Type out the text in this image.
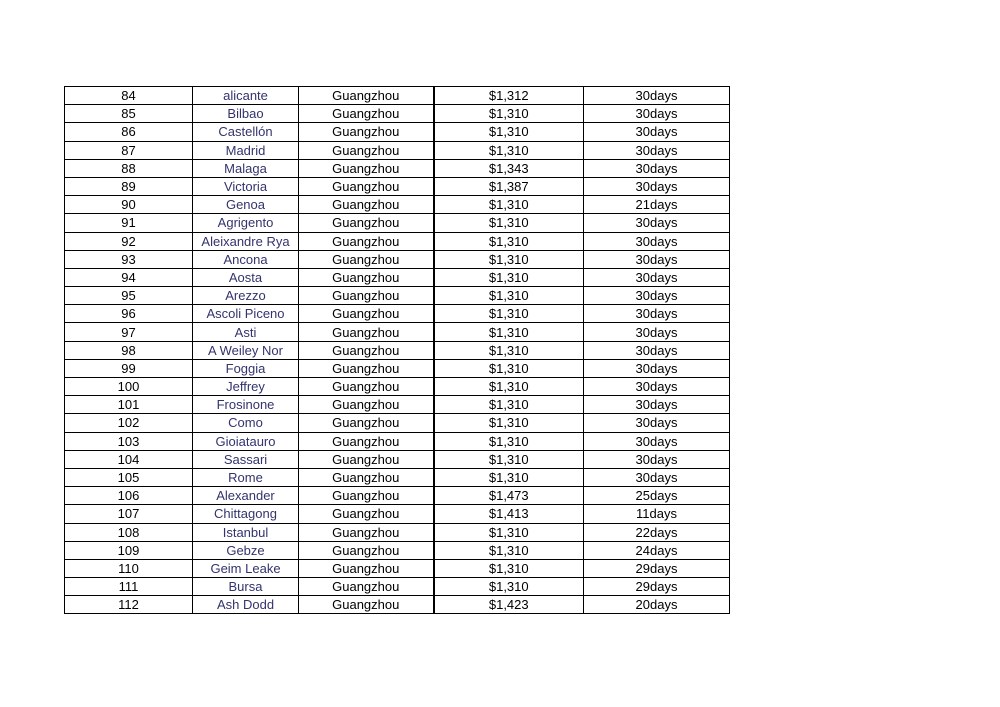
84	alicante	Guangzhou	$1,312	30days
85	Bilbao	Guangzhou	$1,310	30days
86	Castellón	Guangzhou	$1,310	30days
87	Madrid	Guangzhou	$1,310	30days
88	Malaga	Guangzhou	$1,343	30days
89	Victoria	Guangzhou	$1,387	30days
90	Genoa	Guangzhou	$1,310	21days
91	Agrigento	Guangzhou	$1,310	30days
92	Aleixandre Rya	Guangzhou	$1,310	30days
93	Ancona	Guangzhou	$1,310	30days
94	Aosta	Guangzhou	$1,310	30days
95	Arezzo	Guangzhou	$1,310	30days
96	Ascoli Piceno	Guangzhou	$1,310	30days
97	Asti	Guangzhou	$1,310	30days
98	A Weiley Nor	Guangzhou	$1,310	30days
99	Foggia	Guangzhou	$1,310	30days
100	Jeffrey	Guangzhou	$1,310	30days
101	Frosinone	Guangzhou	$1,310	30days
102	Como	Guangzhou	$1,310	30days
103	Gioiatauro	Guangzhou	$1,310	30days
104	Sassari	Guangzhou	$1,310	30days
105	Rome	Guangzhou	$1,310	30days
106	Alexander	Guangzhou	$1,473	25days
107	Chittagong	Guangzhou	$1,413	11days
108	Istanbul	Guangzhou	$1,310	22days
109	Gebze	Guangzhou	$1,310	24days
110	Geim Leake	Guangzhou	$1,310	29days
111	Bursa	Guangzhou	$1,310	29days
112	Ash Dodd	Guangzhou	$1,423	20days
